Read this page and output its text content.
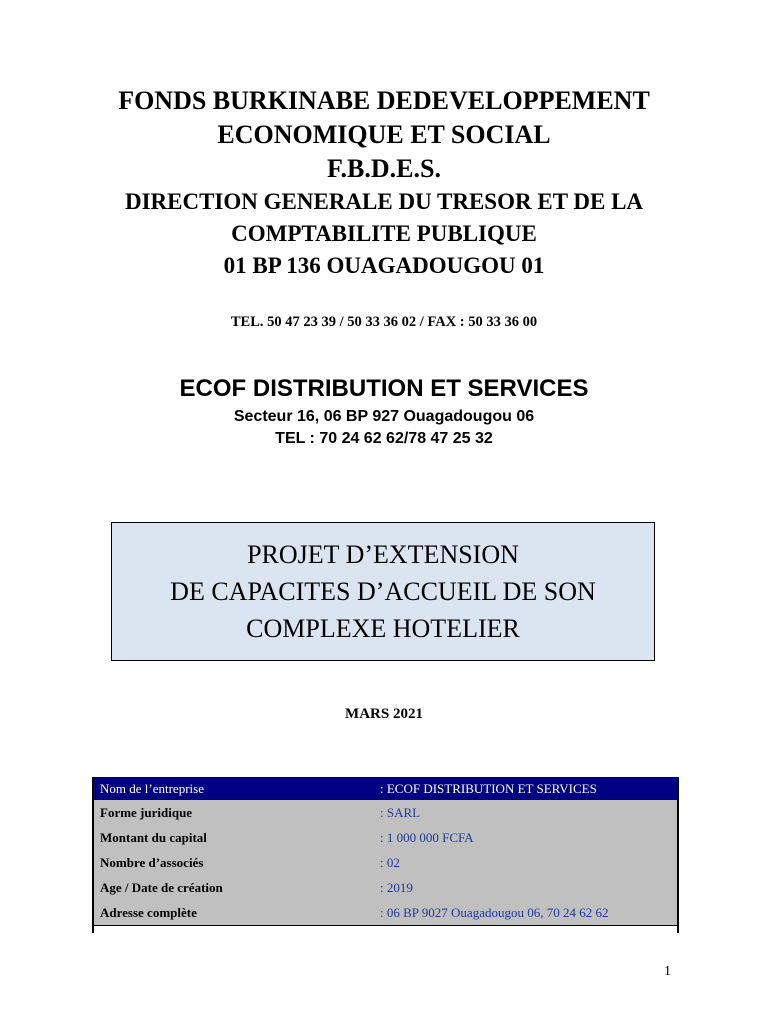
FONDS BURKINABE DEDEVELOPPEMENT
ECONOMIQUE ET SOCIAL
F.B.D.E.S.
DIRECTION GENERALE DU TRESOR ET DE LA
COMPTABILITE PUBLIQUE
01 BP 136 OUAGADOUGOU 01
TEL. 50 47 23 39 / 50 33 36 02 / FAX : 50 33 36 00
ECOF DISTRIBUTION ET SERVICES
Secteur 16, 06 BP 927 Ouagadougou 06
TEL : 70 24 62 62/78 47 25 32
PROJET D’EXTENSION
DE CAPACITES D’ACCUEIL DE SON
COMPLEXE HOTELIER
MARS 2021
Nom de l’entreprise	: ECOF DISTRIBUTION ET SERVICES
Forme juridique	: SARL
Montant du capital	: 1 000 000 FCFA
Nombre d’associés	: 02
Age / Date de création	: 2019
Adresse complète	: 06 BP 9027 Ouagadougou 06, 70 24 62 62
1
